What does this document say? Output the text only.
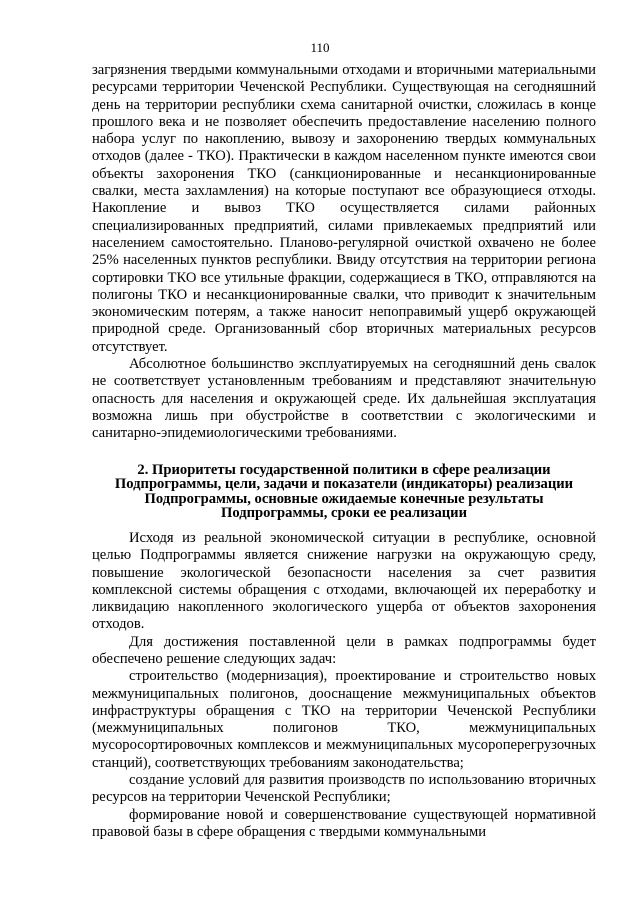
110

загрязнения твердыми коммунальными отходами и вторичными материальными ресурсами территории Чеченской Республики. Существующая на сегодняшний день на территории республики схема санитарной очистки, сложилась в конце прошлого века и не позволяет обеспечить предоставление населению полного набора услуг по накоплению, вывозу и захоронению твердых коммунальных отходов (далее - ТКО). Практически в каждом населенном пункте имеются свои объекты захоронения ТКО (санкционированные и несанкционированные свалки, места захламления) на которые поступают все образующиеся отходы. Накопление и вывоз ТКО осуществляется силами районных специализированных предприятий, силами привлекаемых предприятий или населением самостоятельно. Планово-регулярной очисткой охвачено не более 25% населенных пунктов республики. Ввиду отсутствия на территории региона сортировки ТКО все утильные фракции, содержащиеся в ТКО, отправляются на полигоны ТКО и несанкционированные свалки, что приводит к значительным экономическим потерям, а также наносит непоправимый ущерб окружающей природной среде. Организованный сбор вторичных материальных ресурсов отсутствует.

Абсолютное большинство эксплуатируемых на сегодняшний день свалок не соответствует установленным требованиям и представляют значительную опасность для населения и окружающей среде. Их дальнейшая эксплуатация возможна лишь при обустройстве в соответствии с экологическими и санитарно-эпидемиологическими требованиями.

2. Приоритеты государственной политики в сфере реализации Подпрограммы, цели, задачи и показатели (индикаторы) реализации Подпрограммы, основные ожидаемые конечные результаты Подпрограммы, сроки ее реализации

Исходя из реальной экономической ситуации в республике, основной целью Подпрограммы является снижение нагрузки на окружающую среду, повышение экологической безопасности населения за счет развития комплексной системы обращения с отходами, включающей их переработку и ликвидацию накопленного экологического ущерба от объектов захоронения отходов.

Для достижения поставленной цели в рамках подпрограммы будет обеспечено решение следующих задач:

строительство (модернизация), проектирование и строительство новых межмуниципальных полигонов, дооснащение межмуниципальных объектов инфраструктуры обращения с ТКО на территории Чеченской Республики (межмуниципальных полигонов ТКО, межмуниципальных мусоросортировочных комплексов и межмуниципальных мусороперегрузочных станций), соответствующих требованиям законодательства;

создание условий для развития производств по использованию вторичных ресурсов на территории Чеченской Республики;

формирование новой и совершенствование существующей нормативной правовой базы в сфере обращения с твердыми коммунальными
